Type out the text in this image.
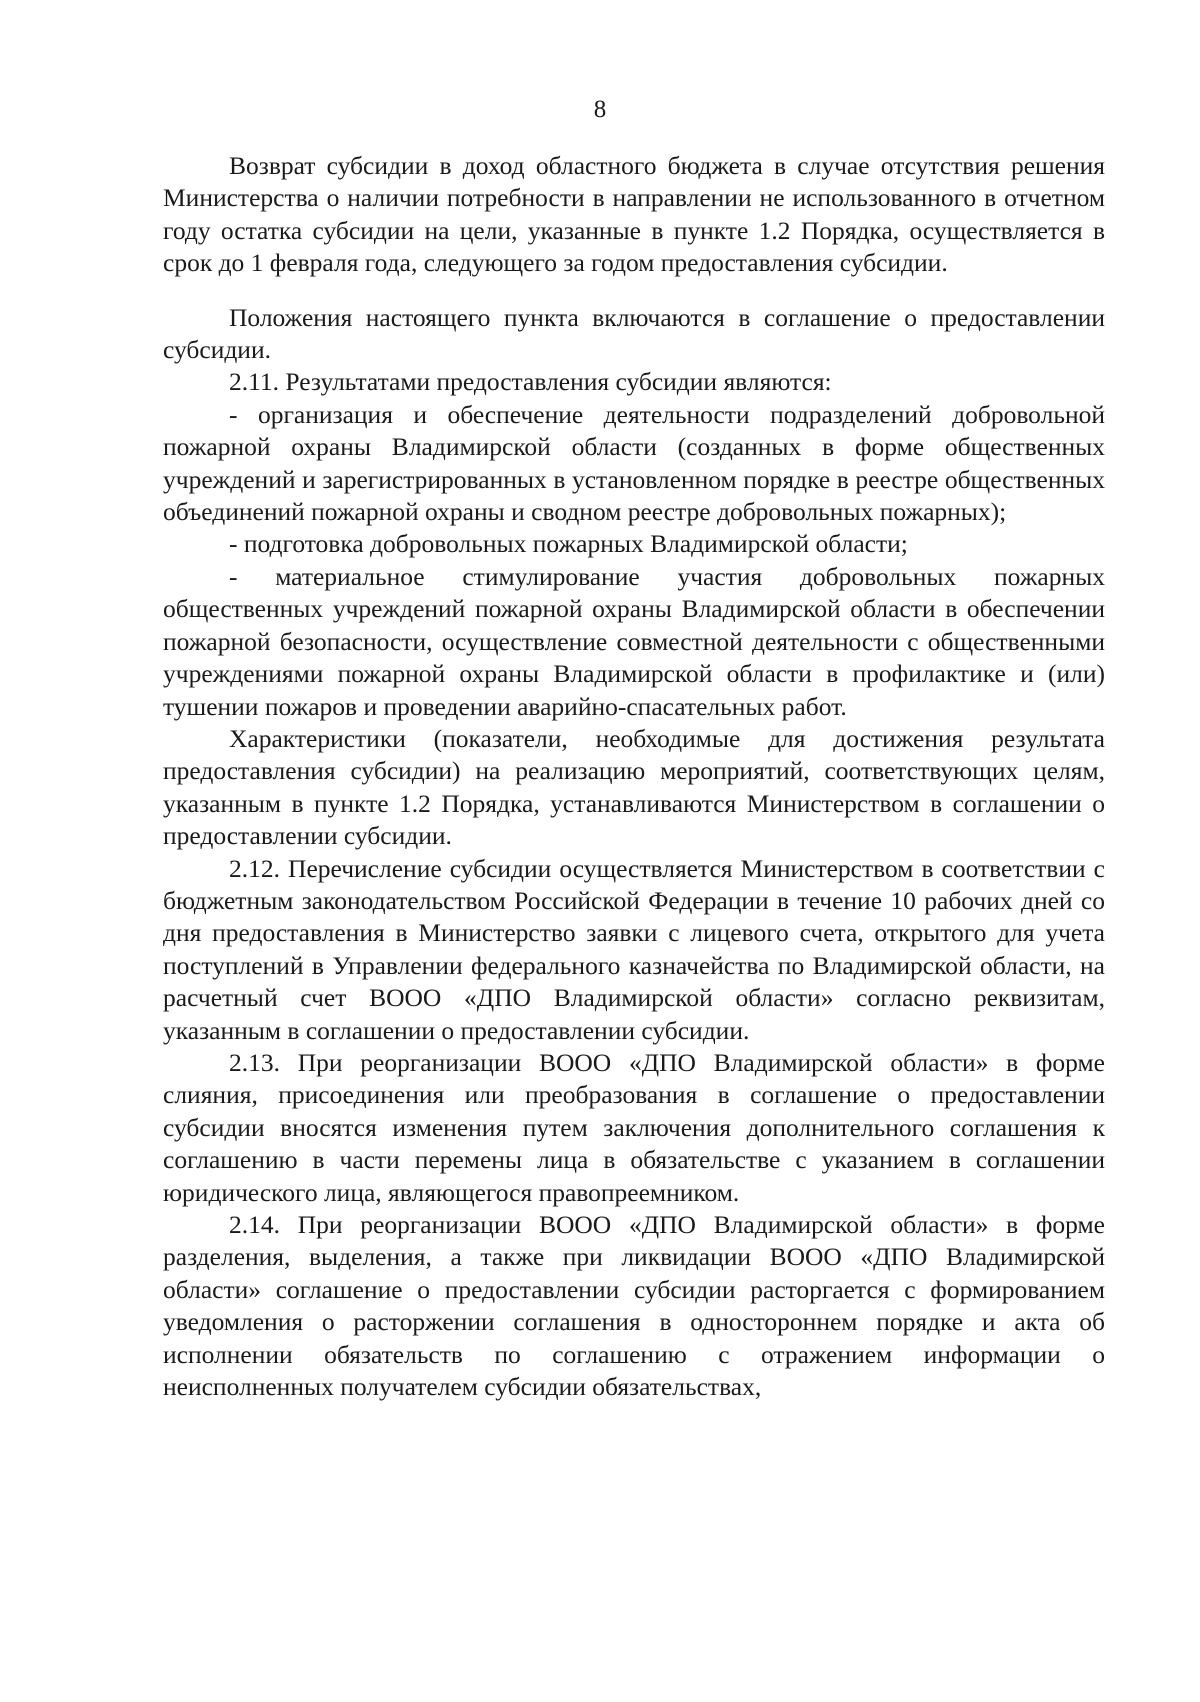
8

Возврат субсидии в доход областного бюджета в случае отсутствия решения Министерства о наличии потребности в направлении не использованного в отчетном году остатка субсидии на цели, указанные в пункте 1.2 Порядка, осуществляется в срок до 1 февраля года, следующего за годом предоставления субсидии.

Положения настоящего пункта включаются в соглашение о предоставлении субсидии.

2.11. Результатами предоставления субсидии являются:

- организация и обеспечение деятельности подразделений добровольной пожарной охраны Владимирской области (созданных в форме общественных учреждений и зарегистрированных в установленном порядке в реестре общественных объединений пожарной охраны и сводном реестре добровольных пожарных);

- подготовка добровольных пожарных Владимирской области;

- материальное стимулирование участия добровольных пожарных общественных учреждений пожарной охраны Владимирской области в обеспечении пожарной безопасности, осуществление совместной деятельности с общественными учреждениями пожарной охраны Владимирской области в профилактике и (или) тушении пожаров и проведении аварийно-спасательных работ.

Характеристики (показатели, необходимые для достижения результата предоставления субсидии) на реализацию мероприятий, соответствующих целям, указанным в пункте 1.2 Порядка, устанавливаются Министерством в соглашении о предоставлении субсидии.

2.12. Перечисление субсидии осуществляется Министерством в соответствии с бюджетным законодательством Российской Федерации в течение 10 рабочих дней со дня предоставления в Министерство заявки с лицевого счета, открытого для учета поступлений в Управлении федерального казначейства по Владимирской области, на расчетный счет ВООО «ДПО Владимирской области» согласно реквизитам, указанным в соглашении о предоставлении субсидии.

2.13. При реорганизации ВООО «ДПО Владимирской области» в форме слияния, присоединения или преобразования в соглашение о предоставлении субсидии вносятся изменения путем заключения дополнительного соглашения к соглашению в части перемены лица в обязательстве с указанием в соглашении юридического лица, являющегося правопреемником.

2.14. При реорганизации ВООО «ДПО Владимирской области» в форме разделения, выделения, а также при ликвидации ВООО «ДПО Владимирской области» соглашение о предоставлении субсидии расторгается с формированием уведомления о расторжении соглашения в одностороннем порядке и акта об исполнении обязательств по соглашению с отражением информации о неисполненных получателем субсидии обязательствах,
